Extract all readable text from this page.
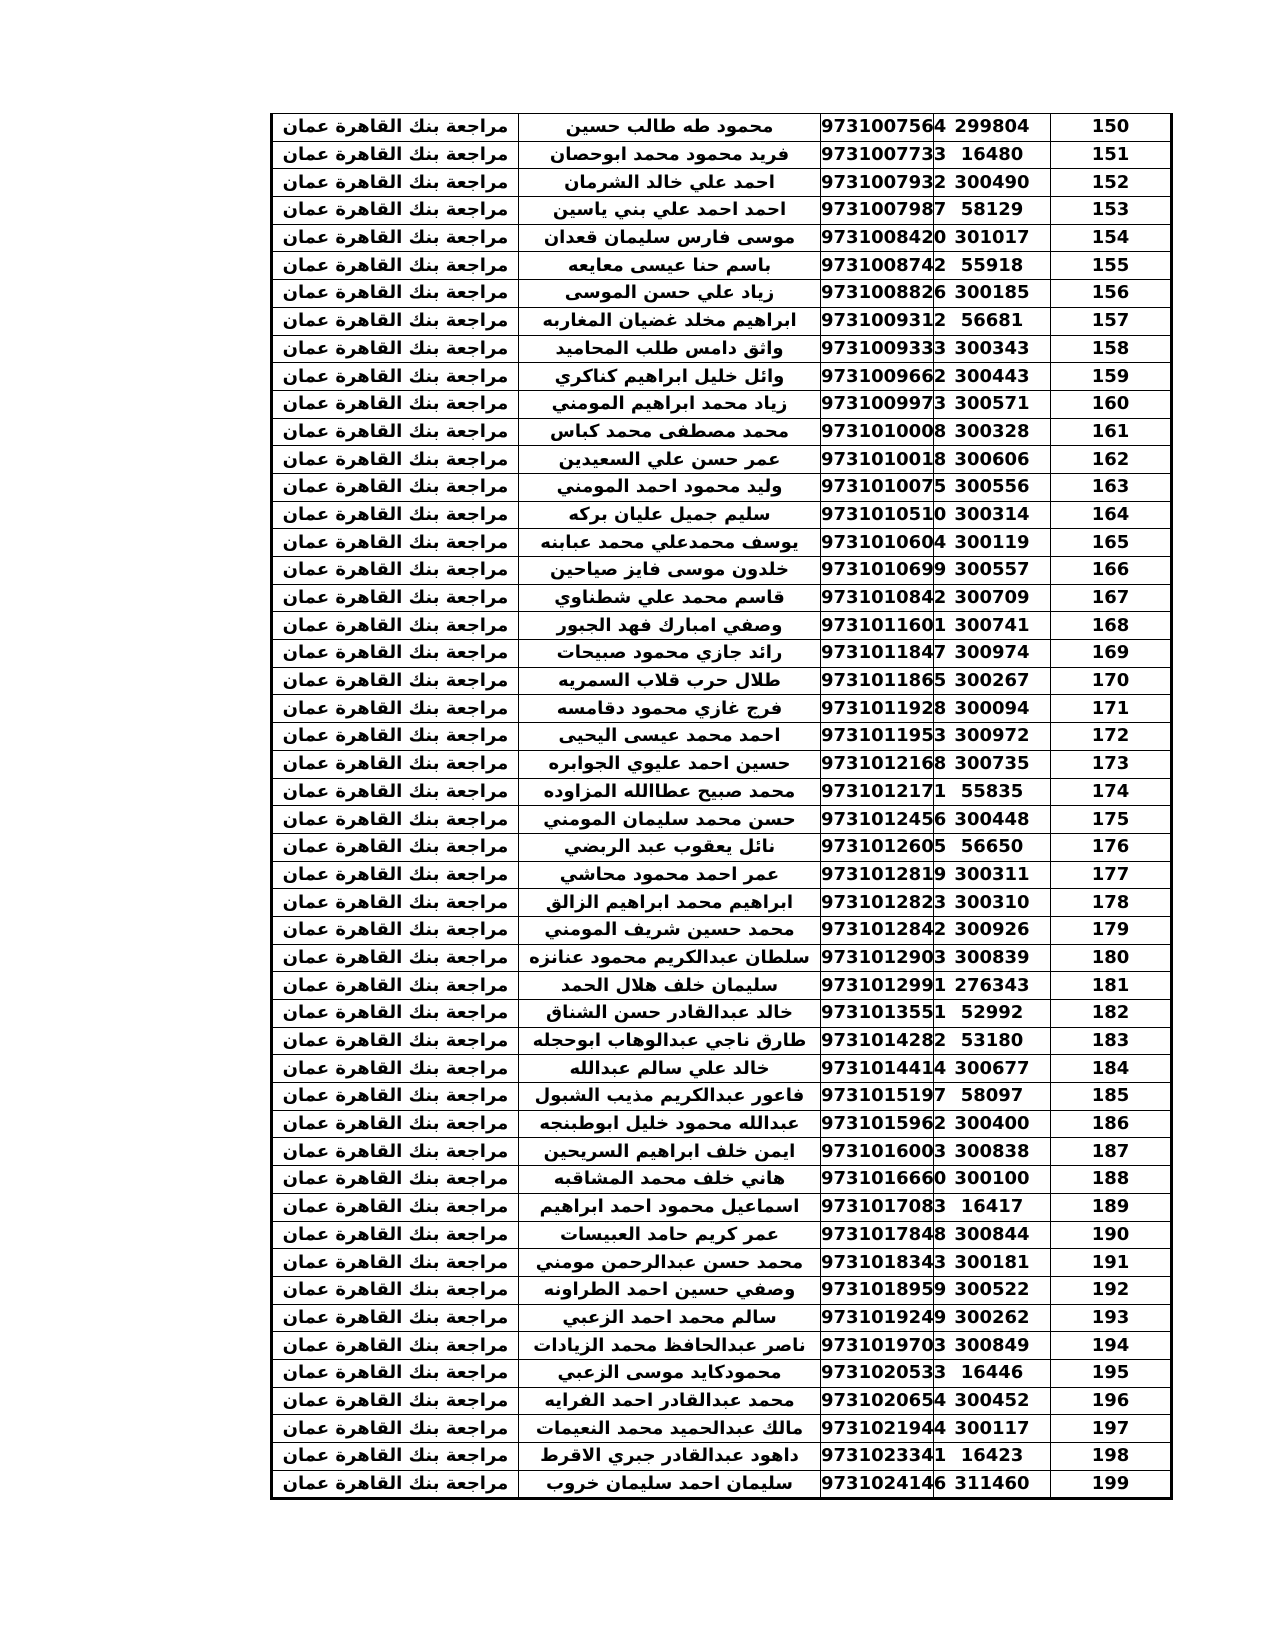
مراجعة بنك القاهرة عمان	محمود طه طالب حسين	9731007564	299804	150
مراجعة بنك القاهرة عمان	فريد محمود محمد ابوحصان	9731007733	16480	151
مراجعة بنك القاهرة عمان	احمد علي خالد الشرمان	9731007932	300490	152
مراجعة بنك القاهرة عمان	احمد احمد علي بني ياسين	9731007987	58129	153
مراجعة بنك القاهرة عمان	موسى فارس سليمان قعدان	9731008420	301017	154
مراجعة بنك القاهرة عمان	باسم حنا عيسى معايعه	9731008742	55918	155
مراجعة بنك القاهرة عمان	زياد علي حسن الموسى	9731008826	300185	156
مراجعة بنك القاهرة عمان	ابراهيم مخلد غضيان المغاربه	9731009312	56681	157
مراجعة بنك القاهرة عمان	واثق دامس طلب المحاميد	9731009333	300343	158
مراجعة بنك القاهرة عمان	وائل خليل ابراهيم كناكري	9731009662	300443	159
مراجعة بنك القاهرة عمان	زياد محمد ابراهيم المومني	9731009973	300571	160
مراجعة بنك القاهرة عمان	محمد مصطفى محمد كباس	9731010008	300328	161
مراجعة بنك القاهرة عمان	عمر حسن علي السعيدين	9731010018	300606	162
مراجعة بنك القاهرة عمان	وليد محمود احمد المومني	9731010075	300556	163
مراجعة بنك القاهرة عمان	سليم جميل عليان بركه	9731010510	300314	164
مراجعة بنك القاهرة عمان	يوسف محمدعلي محمد عبابنه	9731010604	300119	165
مراجعة بنك القاهرة عمان	خلدون موسى فايز صياحين	9731010699	300557	166
مراجعة بنك القاهرة عمان	قاسم محمد علي شطناوي	9731010842	300709	167
مراجعة بنك القاهرة عمان	وصفي امبارك فهد الجبور	9731011601	300741	168
مراجعة بنك القاهرة عمان	رائد جازي محمود صبيحات	9731011847	300974	169
مراجعة بنك القاهرة عمان	طلال حرب قلاب السمريه	9731011865	300267	170
مراجعة بنك القاهرة عمان	فرج غازي محمود دقامسه	9731011928	300094	171
مراجعة بنك القاهرة عمان	احمد محمد عيسى اليحيى	9731011953	300972	172
مراجعة بنك القاهرة عمان	حسين احمد عليوي الجوابره	9731012168	300735	173
مراجعة بنك القاهرة عمان	محمد صبيح عطاالله المزاوده	9731012171	55835	174
مراجعة بنك القاهرة عمان	حسن محمد سليمان المومني	9731012456	300448	175
مراجعة بنك القاهرة عمان	نائل يعقوب عبد الربضي	9731012605	56650	176
مراجعة بنك القاهرة عمان	عمر احمد محمود محاشي	9731012819	300311	177
مراجعة بنك القاهرة عمان	ابراهيم محمد ابراهيم الزالق	9731012823	300310	178
مراجعة بنك القاهرة عمان	محمد حسين شريف المومني	9731012842	300926	179
مراجعة بنك القاهرة عمان	سلطان عبدالكريم محمود عنانزه	9731012903	300839	180
مراجعة بنك القاهرة عمان	سليمان خلف هلال الحمد	9731012991	276343	181
مراجعة بنك القاهرة عمان	خالد عبدالقادر حسن الشناق	9731013551	52992	182
مراجعة بنك القاهرة عمان	طارق ناجي عبدالوهاب ابوحجله	9731014282	53180	183
مراجعة بنك القاهرة عمان	خالد علي سالم عبدالله	9731014414	300677	184
مراجعة بنك القاهرة عمان	فاعور عبدالكريم مذيب الشبول	9731015197	58097	185
مراجعة بنك القاهرة عمان	عبدالله محمود خليل ابوطبنجه	9731015962	300400	186
مراجعة بنك القاهرة عمان	ايمن خلف ابراهيم السريحين	9731016003	300838	187
مراجعة بنك القاهرة عمان	هاني خلف محمد المشاقبه	9731016660	300100	188
مراجعة بنك القاهرة عمان	اسماعيل محمود احمد ابراهيم	9731017083	16417	189
مراجعة بنك القاهرة عمان	عمر كريم حامد العبيسات	9731017848	300844	190
مراجعة بنك القاهرة عمان	محمد حسن عبدالرحمن مومني	9731018343	300181	191
مراجعة بنك القاهرة عمان	وصفي حسين احمد الطراونه	9731018959	300522	192
مراجعة بنك القاهرة عمان	سالم محمد احمد الزعبي	9731019249	300262	193
مراجعة بنك القاهرة عمان	ناصر عبدالحافظ محمد الزيادات	9731019703	300849	194
مراجعة بنك القاهرة عمان	محمودكايد موسى الزعبي	9731020533	16446	195
مراجعة بنك القاهرة عمان	محمد عبدالقادر احمد الفرايه	9731020654	300452	196
مراجعة بنك القاهرة عمان	مالك عبدالحميد محمد النعيمات	9731021944	300117	197
مراجعة بنك القاهرة عمان	داهود عبدالقادر جبري الاقرط	9731023341	16423	198
مراجعة بنك القاهرة عمان	سليمان احمد سليمان خروب	9731024146	311460	199
